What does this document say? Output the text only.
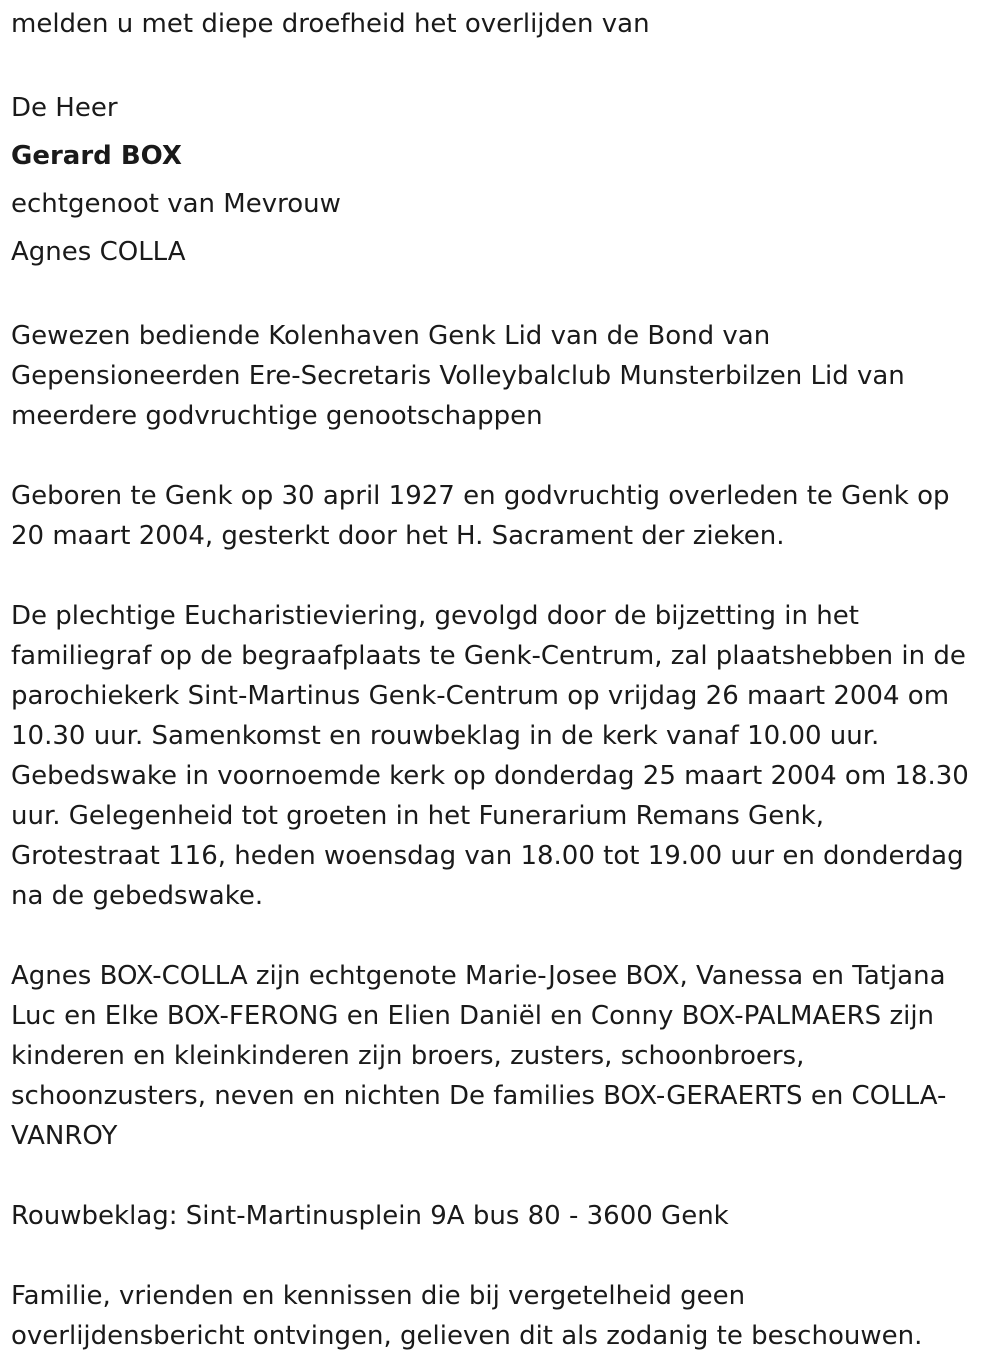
melden u met diepe droefheid het overlijden van

De Heer

Gerard BOX

echtgenoot van Mevrouw

Agnes COLLA

Gewezen bediende Kolenhaven Genk Lid van de Bond van
Gepensioneerden Ere-Secretaris Volleybalclub Munsterbilzen Lid van
meerdere godvruchtige genootschappen
Geboren te Genk op 30 april 1927 en godvruchtig overleden te Genk op
20 maart 2004, gesterkt door het H. Sacrament der zieken.
De plechtige Eucharistieviering, gevolgd door de bijzetting in het
familiegraf op de begraafplaats te Genk-Centrum, zal plaatshebben in de
parochiekerk Sint-Martinus Genk-Centrum op vrijdag 26 maart 2004 om
10.30 uur. Samenkomst en rouwbeklag in de kerk vanaf 10.00 uur.
Gebedswake in voornoemde kerk op donderdag 25 maart 2004 om 18.30
uur. Gelegenheid tot groeten in het Funerarium Remans Genk,
Grotestraat 116, heden woensdag van 18.00 tot 19.00 uur en donderdag
na de gebedswake.
Agnes BOX-COLLA zijn echtgenote Marie-Josee BOX, Vanessa en Tatjana
Luc en Elke BOX-FERONG en Elien Daniël en Conny BOX-PALMAERS zijn
kinderen en kleinkinderen zijn broers, zusters, schoonbroers,
schoonzusters, neven en nichten De families BOX-GERAERTS en COLLA-
VANROY

Rouwbeklag: Sint-Martinusplein 9A bus 80 - 3600 Genk

Familie, vrienden en kennissen die bij vergetelheid geen
overlijdensbericht ontvingen, gelieven dit als zodanig te beschouwen.
